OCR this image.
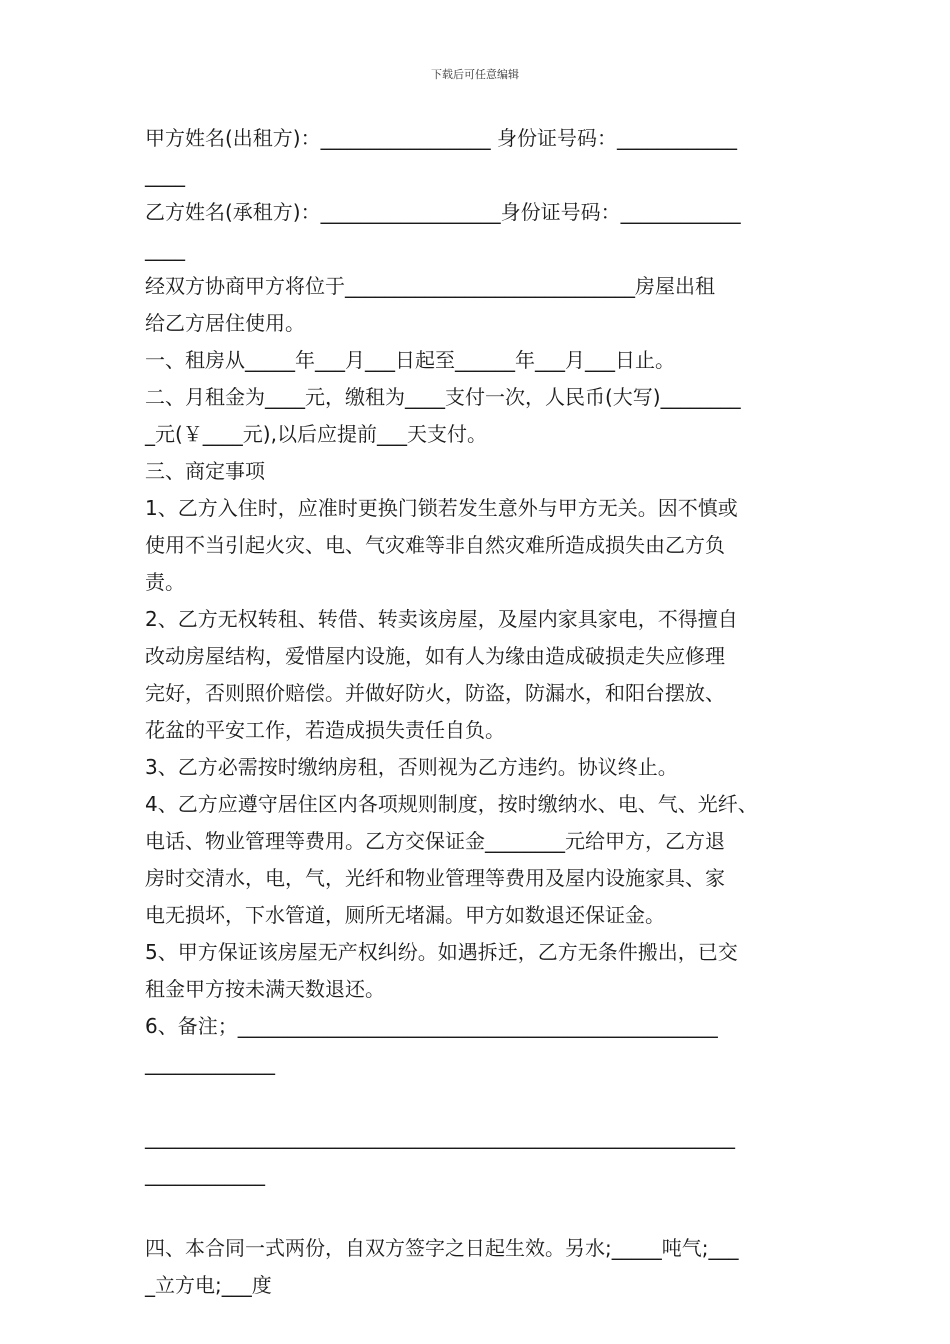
下载后可任意编辑
甲方姓名(出租方)：_________________ 身份证号码：____________
____
乙方姓名(承租方)：__________________身份证号码：____________
____
经双方协商甲方将位于_____________________________房屋出租
给乙方居住使用。
一、租房从_____年___月___日起至______年___月___日止。
二、月租金为____元，缴租为____支付一次，人民币(大写)________
_元(￥____元),以后应提前___天支付。
三、商定事项
1、乙方入住时，应准时更换门锁若发生意外与甲方无关。因不慎或
使用不当引起火灾、电、气灾难等非自然灾难所造成损失由乙方负
责。
2、乙方无权转租、转借、转卖该房屋，及屋内家具家电，不得擅自
改动房屋结构，爱惜屋内设施，如有人为缘由造成破损走失应修理
完好，否则照价赔偿。并做好防火，防盗，防漏水，和阳台摆放、
花盆的平安工作，若造成损失责任自负。
3、乙方必需按时缴纳房租，否则视为乙方违约。协议终止。
4、乙方应遵守居住区内各项规则制度，按时缴纳水、电、气、光纤、
电话、物业管理等费用。乙方交保证金________元给甲方，乙方退
房时交清水，电，气，光纤和物业管理等费用及屋内设施家具、家
电无损坏，下水管道，厕所无堵漏。甲方如数退还保证金。
5、甲方保证该房屋无产权纠纷。如遇拆迁，乙方无条件搬出，已交
租金甲方按未满天数退还。
6、备注；________________________________________________
_____________
___________________________________________________________
____________
四、本合同一式两份，自双方签字之日起生效。另水;_____吨气;___
_立方电;___度
